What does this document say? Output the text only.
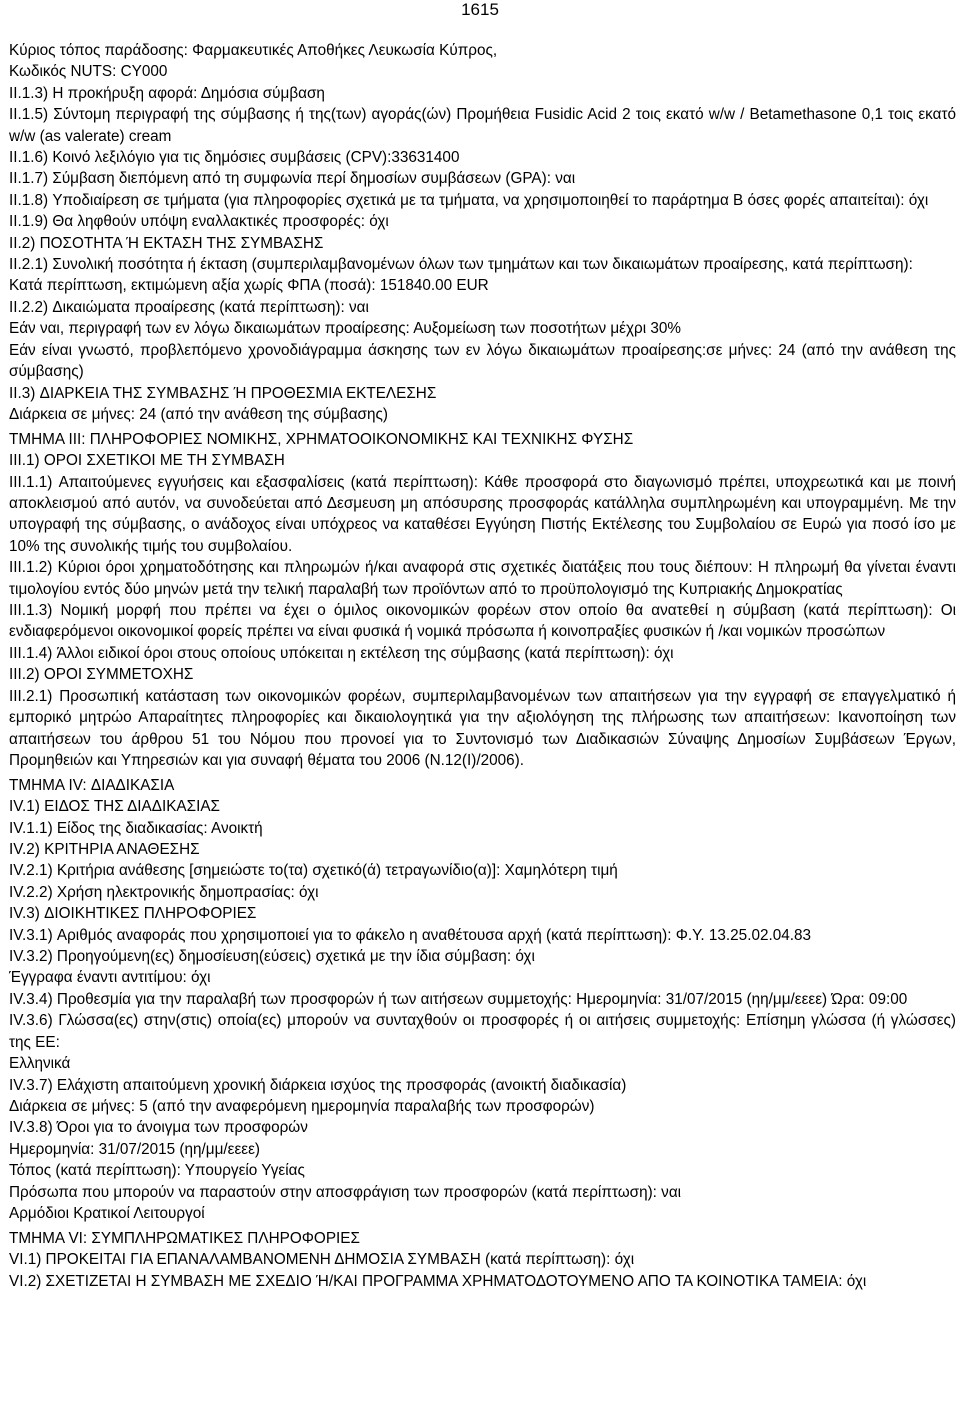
1615

Κύριος τόπος παράδοσης: Φαρμακευτικές Αποθήκες Λευκωσία Κύπρος,

Κωδικός NUTS: CY000

II.1.3) Η προκήρυξη αφορά: Δημόσια σύμβαση

II.1.5) Σύντομη περιγραφή της σύμβασης ή της(των) αγοράς(ών) Προμήθεια Fusidic Acid 2 τοις εκατό w/w / Betamethasone 0,1 τοις εκατό w/w (as valerate) cream

II.1.6) Κοινό λεξιλόγιο για τις δημόσιες συμβάσεις (CPV):33631400

II.1.7) Σύμβαση διεπόμενη από τη συμφωνία περί δημοσίων συμβάσεων (GPA): ναι

II.1.8) Υποδιαίρεση σε τμήματα (για πληροφορίες σχετικά με τα τμήματα, να χρησιμοποιηθεί το παράρτημα Β όσες φορές απαιτείται): όχι

II.1.9) Θα ληφθούν υπόψη εναλλακτικές προσφορές: όχι

II.2) ΠΟΣΟΤΗΤΑ Ή ΕΚΤΑΣΗ ΤΗΣ ΣΥΜΒΑΣΗΣ

II.2.1) Συνολική ποσότητα ή έκταση (συμπεριλαμβανομένων όλων των τμημάτων και των δικαιωμάτων προαίρεσης, κατά περίπτωση):

Κατά περίπτωση, εκτιμώμενη αξία χωρίς ΦΠΑ (ποσά): 151840.00 EUR

II.2.2) Δικαιώματα προαίρεσης (κατά περίπτωση): ναι

Εάν ναι, περιγραφή των εν λόγω δικαιωμάτων προαίρεσης: Αυξομείωση των ποσοτήτων μέχρι 30%

Εάν είναι γνωστό, προβλεπόμενο χρονοδιάγραμμα άσκησης των εν λόγω δικαιωμάτων προαίρεσης:σε μήνες: 24 (από την ανάθεση της σύμβασης)

II.3) ΔΙΑΡΚΕΙΑ ΤΗΣ ΣΥΜΒΑΣΗΣ Ή ΠΡΟΘΕΣΜΙΑ ΕΚΤΕΛΕΣΗΣ

Διάρκεια σε μήνες: 24 (από την ανάθεση της σύμβασης)

ΤΜΗΜΑ III: ΠΛΗΡΟΦΟΡΙΕΣ ΝΟΜΙΚΗΣ, ΧΡΗΜΑΤΟΟΙΚΟΝΟΜΙΚΗΣ ΚΑΙ ΤΕΧΝΙΚΗΣ ΦΥΣΗΣ

III.1) ΟΡΟΙ ΣΧΕΤΙΚΟΙ ΜΕ ΤΗ ΣΥΜΒΑΣΗ

III.1.1) Απαιτούμενες εγγυήσεις και εξασφαλίσεις (κατά περίπτωση): Κάθε προσφορά στο διαγωνισμό πρέπει, υποχρεωτικά και με ποινή αποκλεισμού από αυτόν, να συνοδεύεται από Δεσμευση μη απόσυρσης προσφοράς κατάλληλα συμπληρωμένη και υπογραμμένη. Με την υπογραφή της σύμβασης, ο ανάδοχος είναι υπόχρεος να καταθέσει Εγγύηση Πιστής Εκτέλεσης του Συμβολαίου σε Ευρώ για ποσό ίσο με 10% της συνολικής τιμής του συμβολαίου.

III.1.2) Κύριοι όροι χρηματοδότησης και πληρωμών ή/και αναφορά στις σχετικές διατάξεις που τους διέπουν: Η πληρωμή θα γίνεται έναντι τιμολογίου εντός δύο μηνών μετά την τελική παραλαβή των προϊόντων από το προϋπολογισμό της Κυπριακής Δημοκρατίας

III.1.3) Νομική μορφή που πρέπει να έχει ο όμιλος οικονομικών φορέων στον οποίο θα ανατεθεί η σύμβαση (κατά περίπτωση): Οι ενδιαφερόμενοι οικονομικοί φορείς πρέπει να είναι φυσικά ή νομικά πρόσωπα ή κοινοπραξίες φυσικών ή /και νομικών προσώπων

III.1.4) Άλλοι ειδικοί όροι στους οποίους υπόκειται η εκτέλεση της σύμβασης (κατά περίπτωση): όχι

III.2) ΟΡΟΙ ΣΥΜΜΕΤΟΧΗΣ

III.2.1) Προσωπική κατάσταση των οικονομικών φορέων, συμπεριλαμβανομένων των απαιτήσεων για την εγγραφή σε επαγγελματικό ή εμπορικό μητρώο Απαραίτητες πληροφορίες και δικαιολογητικά για την αξιολόγηση της πλήρωσης των απαιτήσεων: Ικανοποίηση των απαιτήσεων του άρθρου 51 του Νόμου που προνοεί για το Συντονισμό των Διαδικασιών Σύναψης Δημοσίων Συμβάσεων Έργων, Προμηθειών και Υπηρεσιών και για συναφή θέματα του 2006 (Ν.12(Ι)/2006).

ΤΜΗΜΑ IV: ΔΙΑΔΙΚΑΣΙΑ

IV.1) ΕΙΔΟΣ ΤΗΣ ΔΙΑΔΙΚΑΣΙΑΣ

IV.1.1) Είδος της διαδικασίας: Ανοικτή

IV.2) ΚΡΙΤΗΡΙΑ ΑΝΑΘΕΣΗΣ

IV.2.1) Κριτήρια ανάθεσης [σημειώστε το(τα) σχετικό(ά) τετραγωνίδιο(α)]: Χαμηλότερη τιμή

IV.2.2) Χρήση ηλεκτρονικής δημοπρασίας: όχι

IV.3) ΔΙΟΙΚΗΤΙΚΕΣ ΠΛΗΡΟΦΟΡΙΕΣ

IV.3.1) Αριθμός αναφοράς που χρησιμοποιεί για το φάκελο η αναθέτουσα αρχή (κατά περίπτωση): Φ.Υ. 13.25.02.04.83

IV.3.2) Προηγούμενη(ες) δημοσίευση(εύσεις) σχετικά με την ίδια σύμβαση: όχι

Έγγραφα έναντι αντιτίμου: όχι

IV.3.4) Προθεσμία για την παραλαβή των προσφορών ή των αιτήσεων συμμετοχής: Ημερομηνία: 31/07/2015 (ηη/μμ/εεεε) Ώρα: 09:00

IV.3.6) Γλώσσα(ες) στην(στις) οποία(ες) μπορούν να συνταχθούν οι προσφορές ή οι αιτήσεις συμμετοχής: Επίσημη γλώσσα (ή γλώσσες) της ΕΕ:

Ελληνικά

IV.3.7) Ελάχιστη απαιτούμενη χρονική διάρκεια ισχύος της προσφοράς (ανοικτή διαδικασία)

Διάρκεια σε μήνες: 5 (από την αναφερόμενη ημερομηνία παραλαβής των προσφορών)

IV.3.8) Όροι για το άνοιγμα των προσφορών

Ημερομηνία: 31/07/2015 (ηη/μμ/εεεε)

Τόπος (κατά περίπτωση): Υπουργείο Υγείας

Πρόσωπα που μπορούν να παραστούν στην αποσφράγιση των προσφορών (κατά περίπτωση): ναι

Αρμόδιοι Κρατικοί Λειτουργοί

ΤΜΗΜΑ VI: ΣΥΜΠΛΗΡΩΜΑΤΙΚΕΣ ΠΛΗΡΟΦΟΡΙΕΣ

VI.1) ΠΡΟΚΕΙΤΑΙ ΓΙΑ ΕΠΑΝΑΛΑΜΒΑΝΟΜΕΝΗ ΔΗΜΟΣΙΑ ΣΥΜΒΑΣΗ (κατά περίπτωση): όχι

VI.2) ΣΧΕΤΙΖΕΤΑΙ Η ΣΥΜΒΑΣΗ ΜΕ ΣΧΕΔΙΟ Ή/ΚΑΙ ΠΡΟΓΡΑΜΜΑ ΧΡΗΜΑΤΟΔΟΤΟΥΜΕΝΟ ΑΠΟ ΤΑ ΚΟΙΝΟΤΙΚΑ ΤΑΜΕΙΑ: όχι
